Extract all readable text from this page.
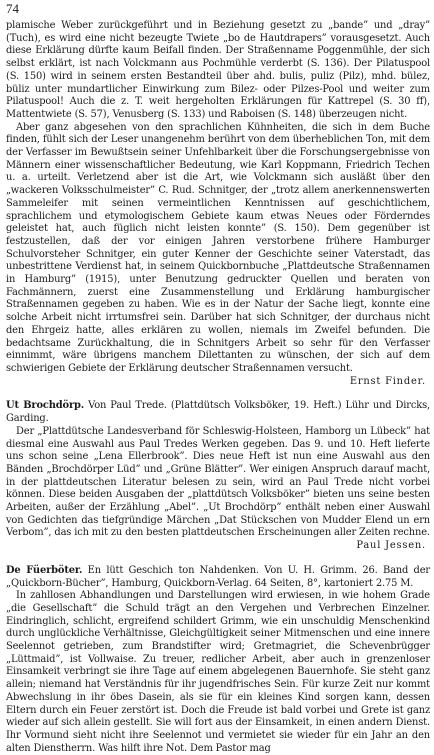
74

plamische Weber zurückgeführt und in Beziehung gesetzt zu „bande” und „dray” (Tuch), es wird eine nicht bezeugte Twiete „bo de Hautdrapers” vorausgesetzt. Auch diese Erklärung dürfte kaum Beifall finden. Der Straßenname Poggenmühle, der sich selbst erklärt, ist nach Volckmann aus Pochmühle verderbt (S. 136). Der Pilatuspool (S. 150) wird in seinem ersten Bestandteil über ahd. bulis, puliz (Pilz), mhd. bülez, büliz unter mundartlicher Einwirkung zum Bilez- oder Pilzes-Pool und weiter zum Pilatuspool! Auch die z. T. weit hergeholten Erklärungen für Kattrepel (S. 30 ff), Mattentwiete (S. 57), Venusberg (S. 133) und Raboisen (S. 148) überzeugen nicht.

Aber ganz abgesehen von den sprachlichen Kühnheiten, die sich in dem Buche finden, fühlt sich der Leser unangenehm berührt von dem überheblichen Ton, mit dem der Verfasser im Bewußtsein seiner Unfehlbarkeit über die Forschungsergebnisse von Männern einer wissenschaftlicher Bedeutung, wie Karl Koppmann, Friedrich Techen u. a. urteilt. Verletzend aber ist die Art, wie Volckmann sich ausläßt über den „wackeren Volksschulmeister” C. Rud. Schnitger, der „trotz allem anerkennenswerten Sammeleifer mit seinen vermeintlichen Kenntnissen auf geschichtlichem, sprachlichem und etymologischem Gebiete kaum etwas Neues oder Förderndes geleistet hat, auch füglich nicht leisten konnte” (S. 150). Dem gegenüber ist festzustellen, daß der vor einigen Jahren verstorbene frühere Hamburger Schulvorsteher Schnitger, ein guter Kenner der Geschichte seiner Vaterstadt, das unbestrittene Verdienst hat, in seinem Quickbornbuche „Plattdeutsche Straßennamen in Hamburg” (1915), unter Benutzung gedruckter Quellen und beraten von Fachmännern, zuerst eine Zusammenstellung und Erklärung hamburgischer Straßennamen gegeben zu haben. Wie es in der Natur der Sache liegt, konnte eine solche Arbeit nicht irrtumsfrei sein. Darüber hat sich Schnitger, der durchaus nicht den Ehrgeiz hatte, alles erklären zu wollen, niemals im Zweifel befunden. Die bedachtsame Zurückhaltung, die in Schnitgers Arbeit so sehr für den Verfasser einnimmt, wäre übrigens manchem Dilettanten zu wünschen, der sich auf dem schwierigen Gebiete der Erklärung deutscher Straßennamen versucht.

Ernst Finder.

Ut Brochdörp. Von Paul Trede. (Plattdütsch Volksböker, 19. Heft.) Lühr und Dircks, Garding.

Der „Plattdütsche Landesverband för Schleswig-Holsteen, Hamborg un Lübeck” hat diesmal eine Auswahl aus Paul Tredes Werken gegeben. Das 9. und 10. Heft lieferte uns schon seine „Lena Ellerbrook”. Dies neue Heft ist nun eine Auswahl aus den Bänden „Brochdörper Lüd” und „Grüne Blätter”. Wer einigen Anspruch darauf macht, in der plattdeutschen Literatur belesen zu sein, wird an Paul Trede nicht vorbei können. Diese beiden Ausgaben der „plattdütsch Volksböker” bieten uns seine besten Arbeiten, außer der Erzählung „Abel”. „Ut Brochdörp” enthält neben einer Auswahl von Gedichten das tiefgründige Märchen „Dat Stückschen von Mudder Elend un ern Verbom”, das ich mit zu den besten plattdeutschen Erscheinungen aller Zeiten rechne.

Paul Jessen.

De Füerböter. En lütt Geschich ton Nahdenken. Von U. H. Grimm. 26. Band der „Quickborn-Bücher”, Hamburg, Quickborn-Verlag. 64 Seiten, 8°, kartoniert 2.75 M.

In zahllosen Abhandlungen und Darstellungen wird erwiesen, in wie hohem Grade „die Gesellschaft” die Schuld trägt an den Vergehen und Verbrechen Einzelner. Eindringlich, schlicht, ergreifend schildert Grimm, wie ein unschuldig Menschenkind durch unglückliche Verhältnisse, Gleichgültigkeit seiner Mitmenschen und eine innere Seelennot getrieben, zum Brandstifter wird; Gretmagriet, die Schevenbrügger „Lüttmaid”, ist Vollwaise. Zu treuer, redlicher Arbeit, aber auch in grenzenloser Einsamkeit verbringt sie ihre Tage auf einem abgelegenen Bauernhofe. Sie steht ganz allein; niemand hat Verständnis für ihr jugendfrisches Sein. Für kurze Zeit nur kommt Abwechslung in ihr öbes Dasein, als sie für ein kleines Kind sorgen kann, dessen Eltern durch ein Feuer zerstört ist. Doch die Freude ist bald vorbei und Grete ist ganz wieder auf sich allein gestellt. Sie will fort aus der Einsamkeit, in einen andern Dienst. Ihr Vormund sieht nicht ihre Seelennot und vermietet sie wieder für ein Jahr an den alten Dienstherrn. Was hilft ihre Not. Dem Pastor mag
